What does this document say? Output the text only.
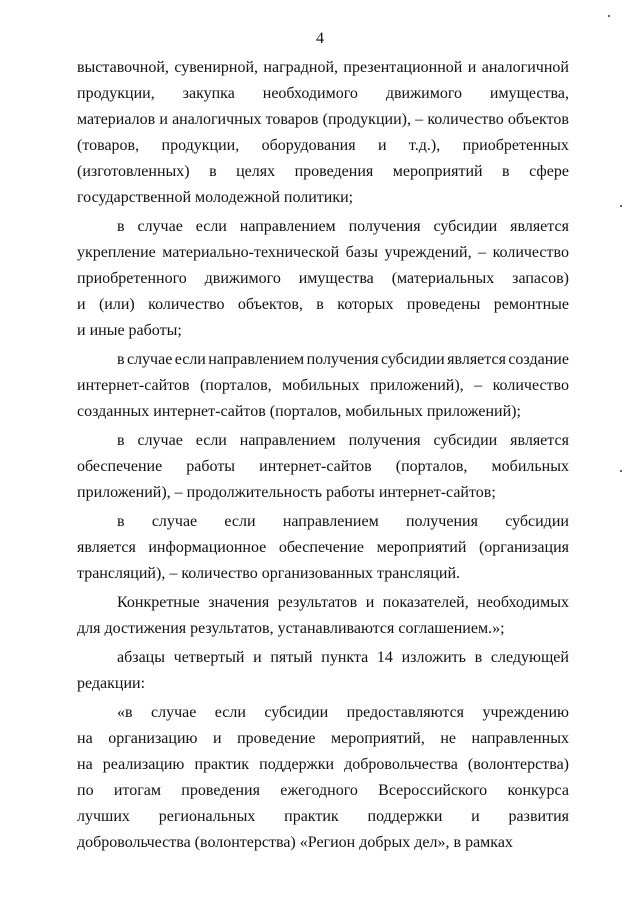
4
выставочной, сувенирной, наградной, презентационной и аналогичной
продукции, закупка необходимого движимого имущества,
материалов и аналогичных товаров (продукции), – количество объектов
(товаров, продукции, оборудования и т.д.), приобретенных
(изготовленных) в целях проведения мероприятий в сфере
государственной
молодежной
политики;
в случае если направлением получения субсидии является
укрепление материально-технической базы учреждений, – количество
приобретенного движимого имущества (материальных запасов)
и (или) количество объектов, в которых проведены ремонтные
и
иные
работы;
в случае если направлением получения субсидии является создание
интернет-сайтов (порталов, мобильных приложений), – количество
созданных
интернет-сайтов
(порталов,
мобильных
приложений);
в случае если направлением получения субсидии является
обеспечение работы интернет-сайтов (порталов, мобильных
приложений),
–
продолжительность
работы
интернет-сайтов;
в случае если направлением получения субсидии
является информационное обеспечение мероприятий (организация
трансляций),
–
количество
организованных
трансляций.
Конкретные значения результатов и показателей, необходимых
для
достижения
результатов,
устанавливаются
соглашением.»;
абзацы четвертый и пятый пункта 14 изложить в следующей
редакции:
«в случае если субсидии предоставляются учреждению
на организацию и проведение мероприятий, не направленных
на реализацию практик поддержки добровольчества (волонтерства)
по итогам проведения ежегодного Всероссийского конкурса
лучших региональных практик поддержки и развития
добровольчества
(волонтерства)
«Регион
добрых
дел»,
в
рамках
